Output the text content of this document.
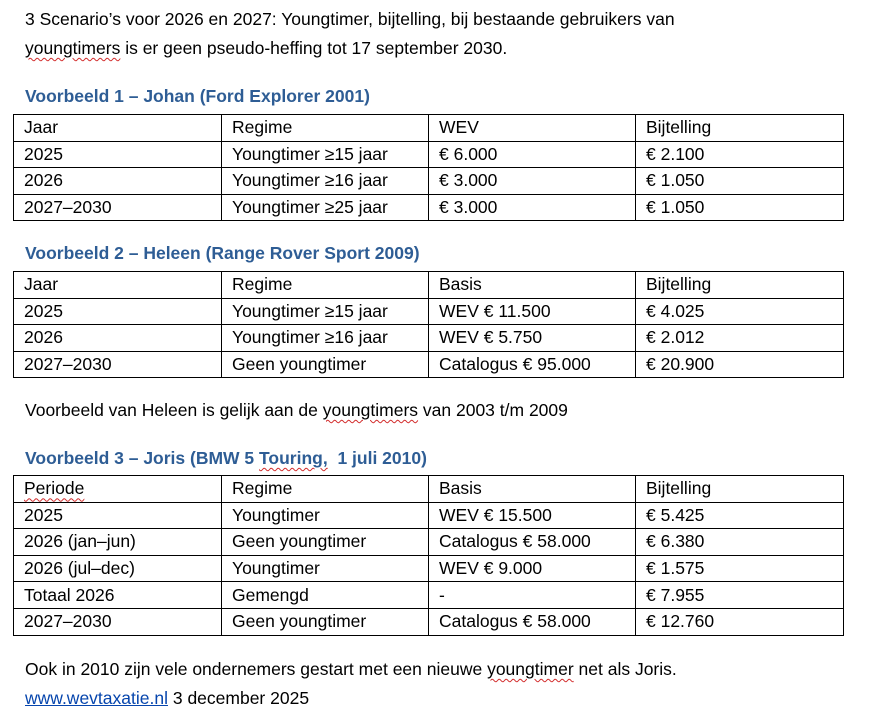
3 Scenario’s voor 2026 en 2027: Youngtimer, bijtelling, bij bestaande gebruikers van
youngtimers is er geen pseudo-heffing tot 17 september 2030.
Voorbeeld 1 – Johan (Ford Explorer 2001)
Jaar	Regime	WEV	Bijtelling
2025	Youngtimer ≥15 jaar	€ 6.000	€ 2.100
2026	Youngtimer ≥16 jaar	€ 3.000	€ 1.050
2027–2030	Youngtimer ≥25 jaar	€ 3.000	€ 1.050
Voorbeeld 2 – Heleen (Range Rover Sport 2009)
Jaar	Regime	Basis	Bijtelling
2025	Youngtimer ≥15 jaar	WEV € 11.500	€ 4.025
2026	Youngtimer ≥16 jaar	WEV € 5.750	€ 2.012
2027–2030	Geen youngtimer	Catalogus € 95.000	€ 20.900
Voorbeeld van Heleen is gelijk aan de youngtimers van 2003 t/m 2009
Voorbeeld 3 – Joris (BMW 5 Touring,  1 juli 2010)
Periode	Regime	Basis	Bijtelling
2025	Youngtimer	WEV € 15.500	€ 5.425
2026 (jan–jun)	Geen youngtimer	Catalogus € 58.000	€ 6.380
2026 (jul–dec)	Youngtimer	WEV € 9.000	€ 1.575
Totaal 2026	Gemengd	-	€ 7.955
2027–2030	Geen youngtimer	Catalogus € 58.000	€ 12.760
Ook in 2010 zijn vele ondernemers gestart met een nieuwe youngtimer net als Joris.
www.wevtaxatie.nl 3 december 2025
